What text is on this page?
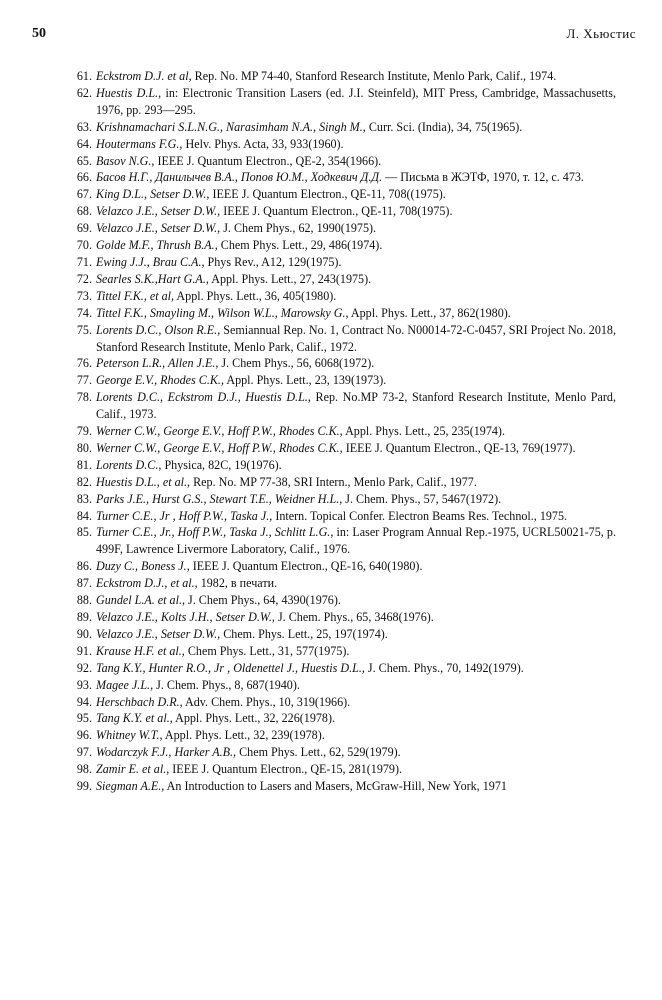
50	Л. Хьюстис
61. Eckstrom D.J. et al, Rep. No. MP 74-40, Stanford Research Institute, Menlo Park, Calif., 1974.
62. Huestis D.L., in: Electronic Transition Lasers (ed. J.I. Steinfeld), MIT Press, Cambridge, Massachusetts, 1976, pp. 293—295.
63. Krishnamachari S.L.N.G., Narasimham N.A., Singh M., Curr. Sci. (India), 34, 75(1965).
64. Houtermans F.G., Helv. Phys. Acta, 33, 933(1960).
65. Basov N.G., IEEE J. Quantum Electron., QE-2, 354(1966).
66. Басов Н.Г., Данилычев В.А., Попов Ю.М., Ходкевич Д.Д. — Письма в ЖЭТФ, 1970, т. 12, с. 473.
67. King D.L., Setser D.W., IEEE J. Quantum Electron., QE-11, 708((1975).
68. Velazco J.E., Setser D.W., IEEE J. Quantum Electron., QE-11, 708(1975).
69. Velazco J.E., Setser D.W., J. Chem Phys., 62, 1990(1975).
70. Golde M.F., Thrush B.A., Chem Phys. Lett., 29, 486(1974).
71. Ewing J.J., Brau C.A., Phys Rev., A12, 129(1975).
72. Searles S.K.,Hart G.A., Appl. Phys. Lett., 27, 243(1975).
73. Tittel F.K., et al, Appl. Phys. Lett., 36, 405(1980).
74. Tittel F.K., Smayling M., Wilson W.L., Marowsky G., Appl. Phys. Lett., 37, 862(1980).
75. Lorents D.C., Olson R.E., Semiannual Rep. No. 1, Contract No. N00014-72-C-0457, SRI Project No. 2018, Stanford Research Institute, Menlo Park, Calif., 1972.
76. Peterson L.R., Allen J.E., J. Chem Phys., 56, 6068(1972).
77. George E.V., Rhodes C.K., Appl. Phys. Lett., 23, 139(1973).
78. Lorents D.C., Eckstrom D.J., Huestis D.L., Rep. No.MP 73-2, Stanford Research Institute, Menlo Pard, Calif., 1973.
79. Werner C.W., George E.V., Hoff P.W., Rhodes C.K., Appl. Phys. Lett., 25, 235(1974).
80. Werner C.W., George E.V., Hoff P.W., Rhodes C.K., IEEE J. Quantum Electron., QE-13, 769(1977).
81. Lorents D.C., Physica, 82C, 19(1976).
82. Huestis D.L., et al., Rep. No. MP 77-38, SRI Intern., Menlo Park, Calif., 1977.
83. Parks J.E., Hurst G.S., Stewart T.E., Weidner H.L., J. Chem. Phys., 57, 5467(1972).
84. Turner C.E., Jr , Hoff P.W., Taska J., Intern. Topical Confer. Electron Beams Res. Technol., 1975.
85. Turner C.E., Jr., Hoff P.W., Taska J., Schlitt L.G., in: Laser Program Annual Rep.-1975, UCRL50021-75, p. 499F, Lawrence Livermore Laboratory, Calif., 1976.
86. Duzy C., Boness J., IEEE J. Quantum Electron., QE-16, 640(1980).
87. Eckstrom D.J., et al., 1982, в печати.
88. Gundel L.A. et al., J. Chem Phys., 64, 4390(1976).
89. Velazco J.E., Kolts J.H., Setser D.W., J. Chem. Phys., 65, 3468(1976).
90. Velazco J.E., Setser D.W., Chem. Phys. Lett., 25, 197(1974).
91. Krause H.F. et al., Chem Phys. Lett., 31, 577(1975).
92. Tang K.Y., Hunter R.O., Jr , Oldenettel J., Huestis D.L., J. Chem. Phys., 70, 1492(1979).
93. Magee J.L., J. Chem. Phys., 8, 687(1940).
94. Herschbach D.R., Adv. Chem. Phys., 10, 319(1966).
95. Tang K.Y. et al., Appl. Phys. Lett., 32, 226(1978).
96. Whitney W.T., Appl. Phys. Lett., 32, 239(1978).
97. Wodarczyk F.J., Harker A.B., Chem Phys. Lett., 62, 529(1979).
98. Zamir E. et al., IEEE J. Quantum Electron., QE-15, 281(1979).
99. Siegman A.E., An Introduction to Lasers and Masers, McGraw-Hill, New York, 1971
